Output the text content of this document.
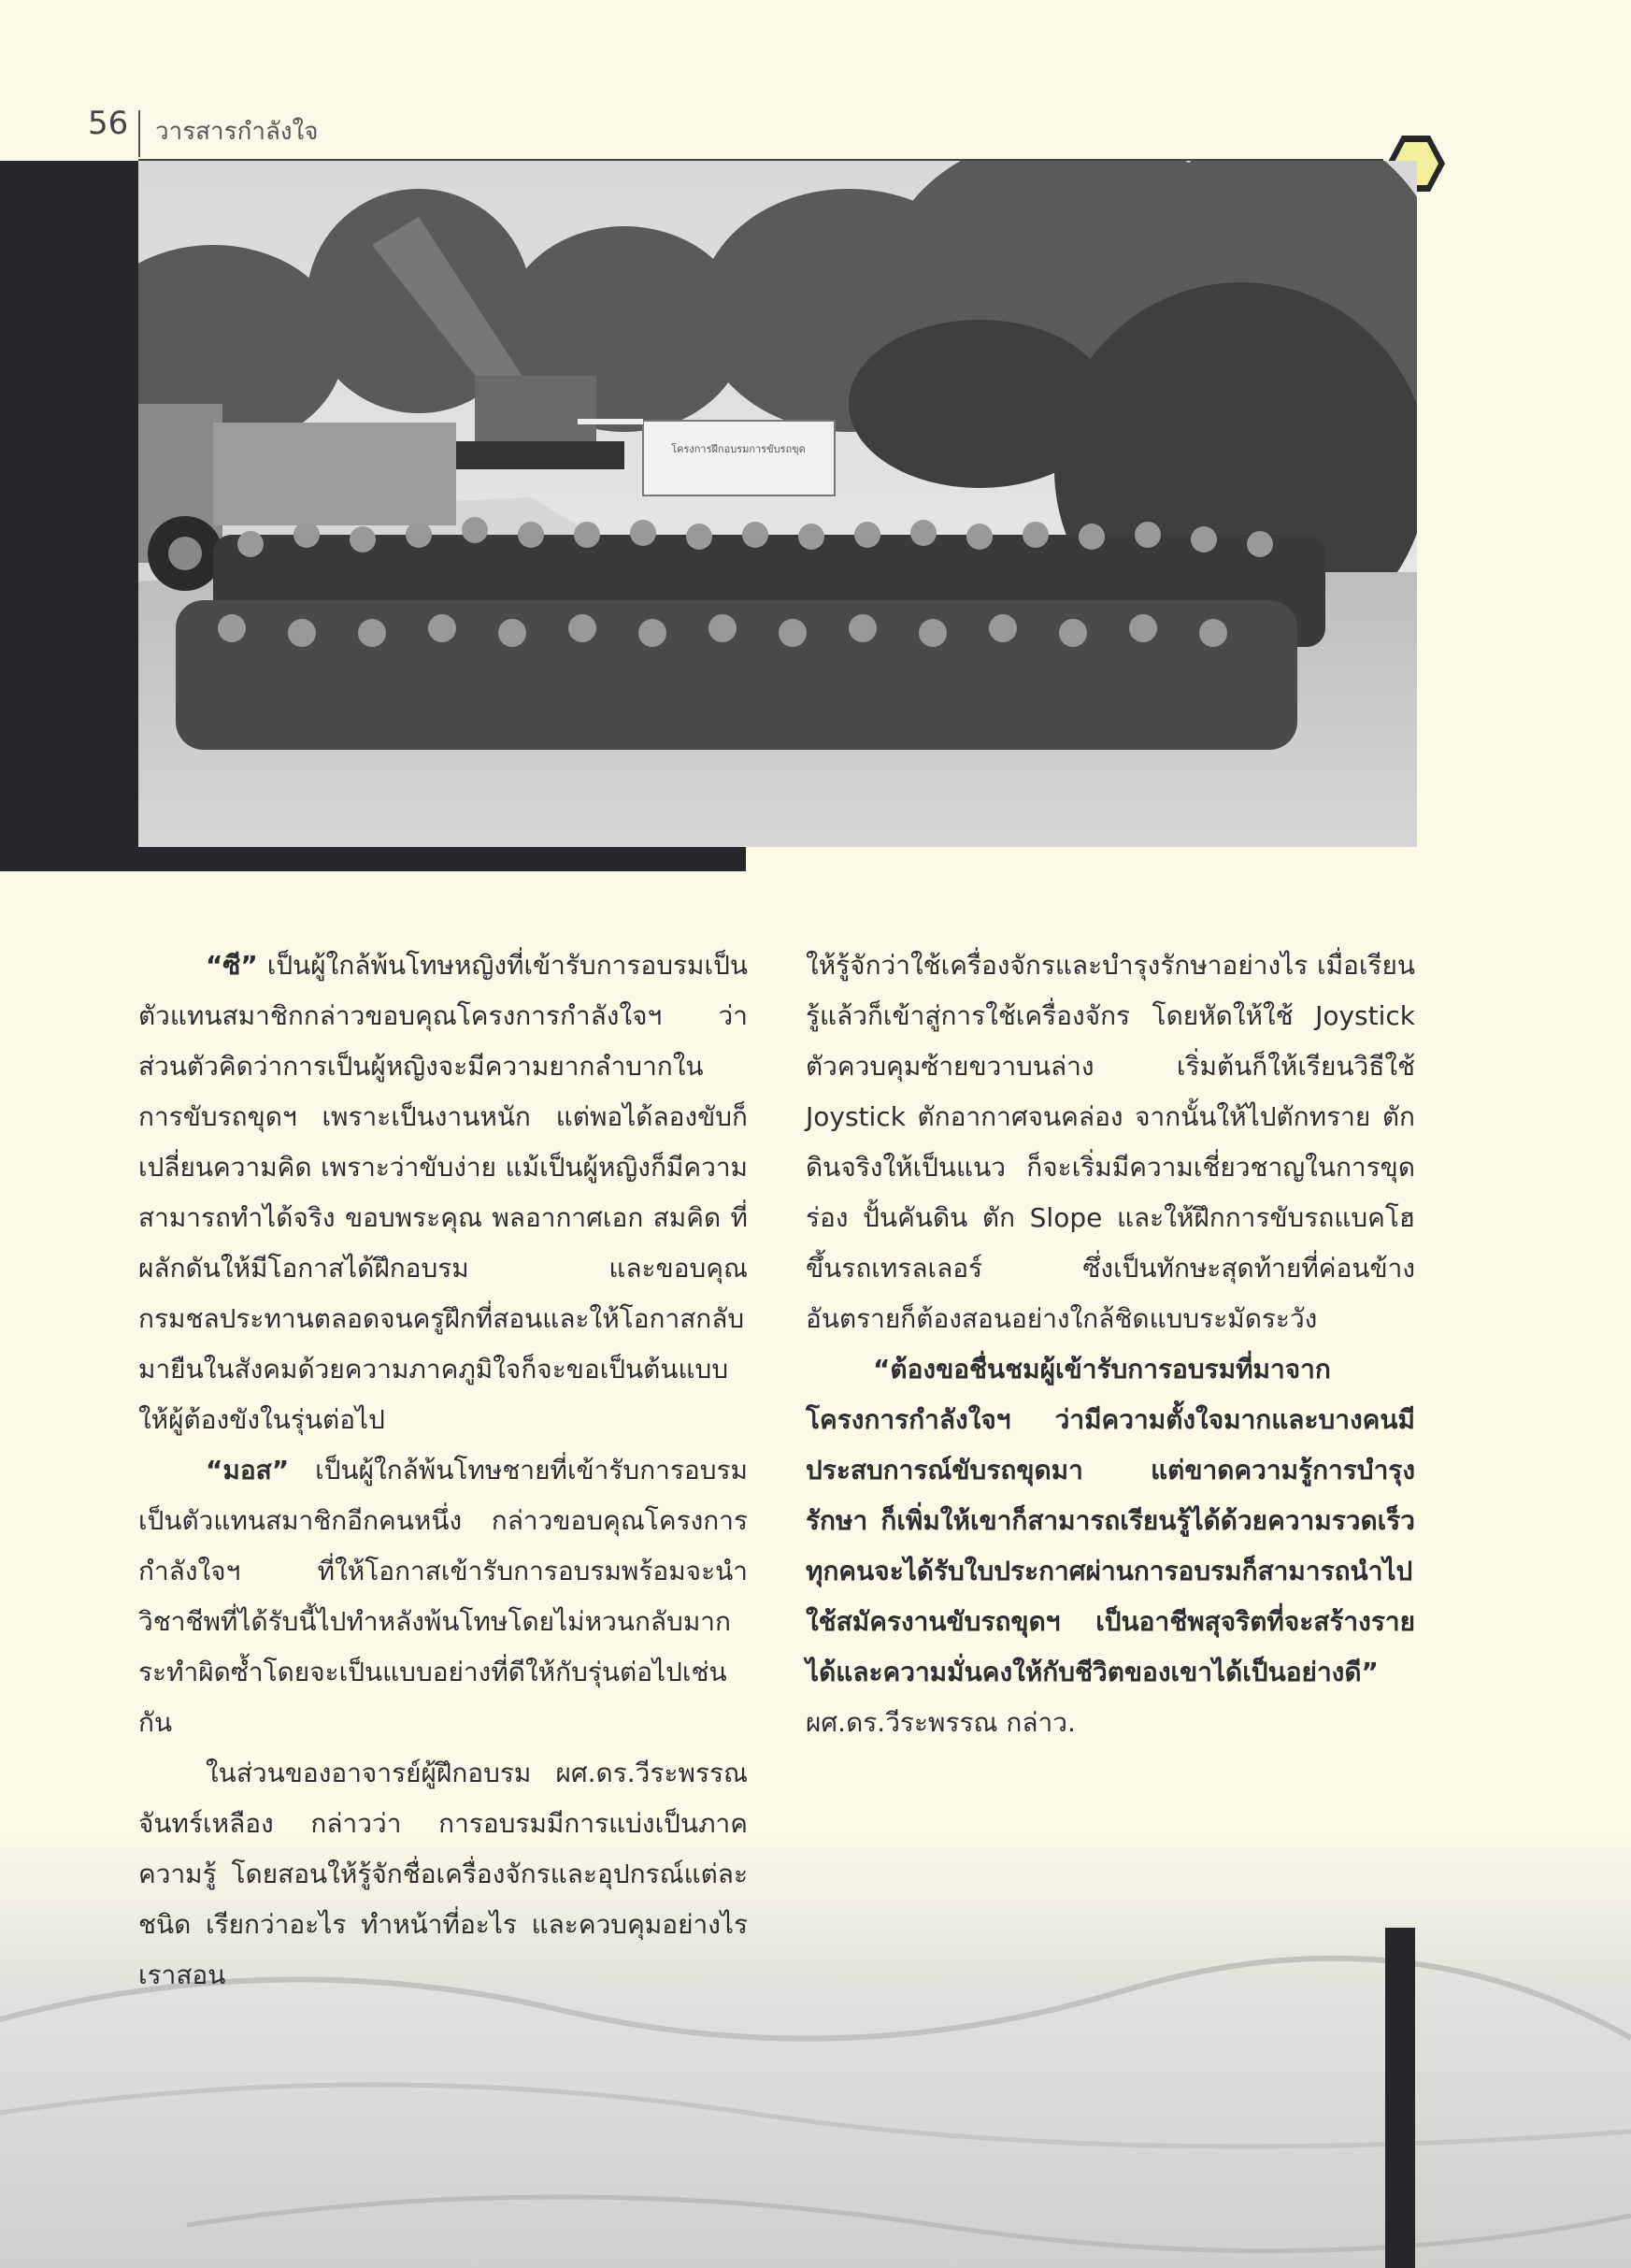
56 วารสารกำลังใจ
โครงการฝึกอบรมการขับรถขุด

“ซี” เป็นผู้ใกล้พ้นโทษหญิงที่เข้ารับการอบรมเป็นตัวแทนสมาชิกกล่าวขอบคุณโครงการกำลังใจฯ ว่าส่วนตัวคิดว่าการเป็นผู้หญิงจะมีความยากลำบากในการขับรถขุดฯ เพราะเป็นงานหนัก แต่พอได้ลองขับก็เปลี่ยนความคิด เพราะว่าขับง่าย แม้เป็นผู้หญิงก็มีความสามารถทำได้จริง ขอบพระคุณ พลอากาศเอก สมคิด ที่ผลักดันให้มีโอกาสได้ฝึกอบรม และขอบคุณกรมชลประทานตลอดจนครูฝึกที่สอนและให้โอกาสกลับมายืนในสังคมด้วยความภาคภูมิใจก็จะขอเป็นต้นแบบให้ผู้ต้องขังในรุ่นต่อไป

“มอส” เป็นผู้ใกล้พ้นโทษชายที่เข้ารับการอบรมเป็นตัวแทนสมาชิกอีกคนหนึ่ง กล่าวขอบคุณโครงการกำลังใจฯ ที่ให้โอกาสเข้ารับการอบรมพร้อมจะนำวิชาชีพที่ได้รับนี้ไปทำหลังพ้นโทษโดยไม่หวนกลับมากระทำผิดซ้ำโดยจะเป็นแบบอย่างที่ดีให้กับรุ่นต่อไปเช่นกัน

ในส่วนของอาจารย์ผู้ฝึกอบรม ผศ.ดร.วีระพรรณ จันทร์เหลือง กล่าวว่า การอบรมมีการแบ่งเป็นภาคความรู้ โดยสอนให้รู้จักชื่อเครื่องจักรและอุปกรณ์แต่ละชนิด เรียกว่าอะไร ทำหน้าที่อะไร และควบคุมอย่างไร เราสอน

ให้รู้จักว่าใช้เครื่องจักรและบำรุงรักษาอย่างไร เมื่อเรียนรู้แล้วก็เข้าสู่การใช้เครื่องจักร โดยหัดให้ใช้ Joystick ตัวควบคุมซ้ายขวาบนล่าง เริ่มต้นก็ให้เรียนวิธีใช้ Joystick ตักอากาศจนคล่อง จากนั้นให้ไปตักทราย ตักดินจริงให้เป็นแนว ก็จะเริ่มมีความเชี่ยวชาญในการขุดร่อง ปั้นคันดิน ตัก Slope และให้ฝึกการขับรถแบคโฮขึ้นรถเทรลเลอร์ ซึ่งเป็นทักษะสุดท้ายที่ค่อนข้างอันตรายก็ต้องสอนอย่างใกล้ชิดแบบระมัดระวัง

“ต้องขอชื่นชมผู้เข้ารับการอบรมที่มาจากโครงการกำลังใจฯ ว่ามีความตั้งใจมากและบางคนมีประสบการณ์ขับรถขุดมา แต่ขาดความรู้การบำรุงรักษา ก็เพิ่มให้เขาก็สามารถเรียนรู้ได้ด้วยความรวดเร็ว ทุกคนจะได้รับใบประกาศผ่านการอบรมก็สามารถนำไปใช้สมัครงานขับรถขุดฯ เป็นอาชีพสุจริตที่จะสร้างรายได้และความมั่นคงให้กับชีวิตของเขาได้เป็นอย่างดี” ผศ.ดร.วีระพรรณ กล่าว.
